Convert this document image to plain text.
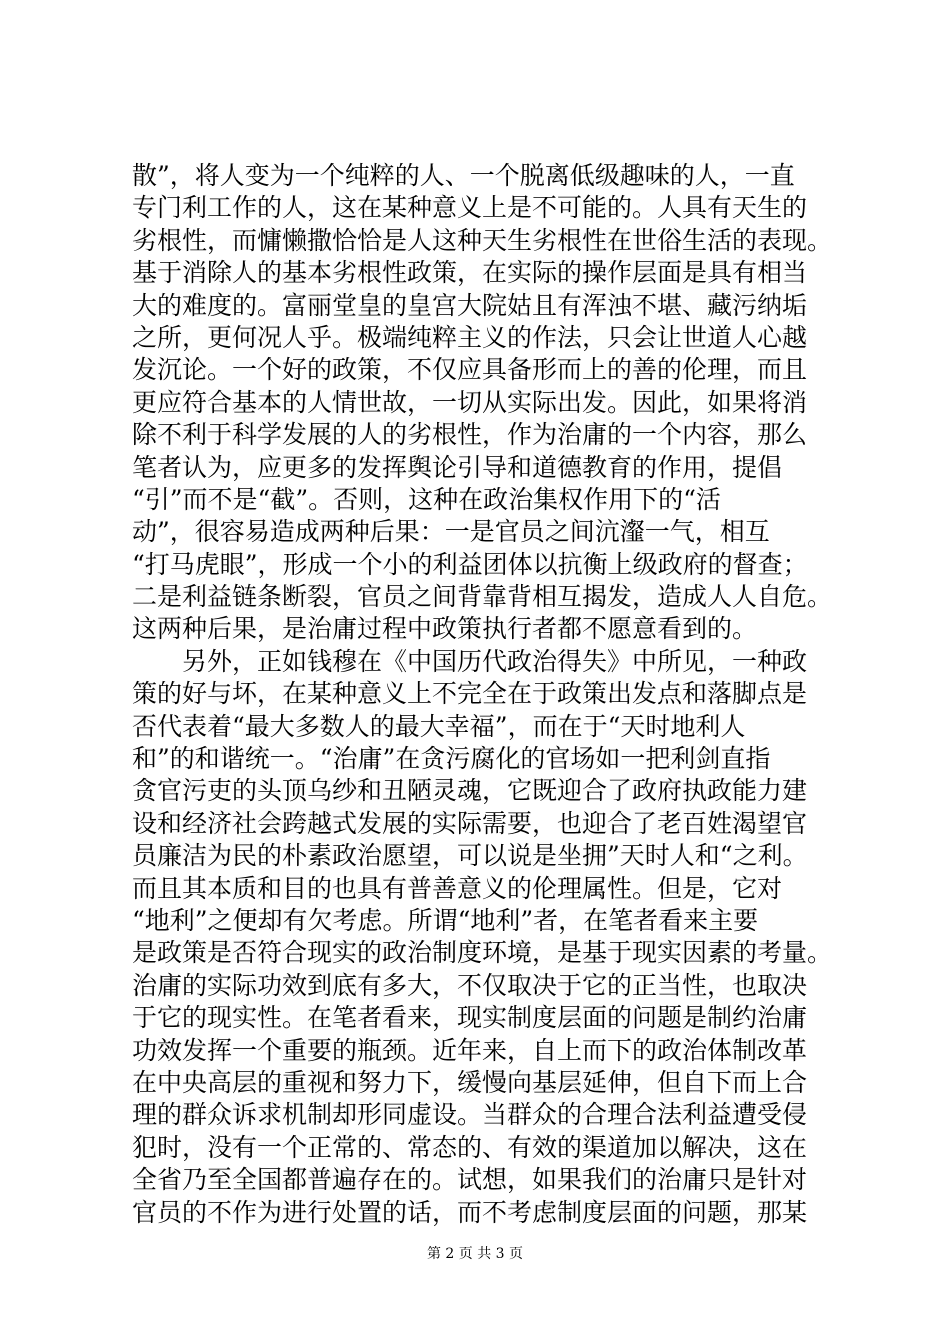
散”，将人变为一个纯粹的人、一个脱离低级趣味的人，一直
专门利工作的人，这在某种意义上是不可能的。人具有天生的
劣根性，而慵懒撒恰恰是人这种天生劣根性在世俗生活的表现。
基于消除人的基本劣根性政策，在实际的操作层面是具有相当
大的难度的。富丽堂皇的皇宫大院姑且有浑浊不堪、藏污纳垢
之所，更何况人乎。极端纯粹主义的作法，只会让世道人心越
发沉论。一个好的政策，不仅应具备形而上的善的伦理，而且
更应符合基本的人情世故，一切从实际出发。因此，如果将消
除不利于科学发展的人的劣根性，作为治庸的一个内容，那么
笔者认为，应更多的发挥舆论引导和道德教育的作用，提倡
“引”而不是“截”。否则，这种在政治集权作用下的“活
动”，很容易造成两种后果：一是官员之间沆瀣一气，相互
“打马虎眼”，形成一个小的利益团体以抗衡上级政府的督查；
二是利益链条断裂，官员之间背靠背相互揭发，造成人人自危。
这两种后果，是治庸过程中政策执行者都不愿意看到的。
　　另外，正如钱穆在《中国历代政治得失》中所见，一种政
策的好与坏，在某种意义上不完全在于政策出发点和落脚点是
否代表着“最大多数人的最大幸福”，而在于“天时地利人
和”的和谐统一。“治庸”在贪污腐化的官场如一把利剑直指
贪官污吏的头顶乌纱和丑陋灵魂，它既迎合了政府执政能力建
设和经济社会跨越式发展的实际需要，也迎合了老百姓渴望官
员廉洁为民的朴素政治愿望，可以说是坐拥”天时人和“之利。
而且其本质和目的也具有普善意义的伦理属性。但是，它对
“地利”之便却有欠考虑。所谓“地利”者，在笔者看来主要
是政策是否符合现实的政治制度环境，是基于现实因素的考量。
治庸的实际功效到底有多大，不仅取决于它的正当性，也取决
于它的现实性。在笔者看来，现实制度层面的问题是制约治庸
功效发挥一个重要的瓶颈。近年来，自上而下的政治体制改革
在中央高层的重视和努力下，缓慢向基层延伸，但自下而上合
理的群众诉求机制却形同虚设。当群众的合理合法利益遭受侵
犯时，没有一个正常的、常态的、有效的渠道加以解决，这在
全省乃至全国都普遍存在的。试想，如果我们的治庸只是针对
官员的不作为进行处置的话，而不考虑制度层面的问题，那某
第 2 页 共 3 页
